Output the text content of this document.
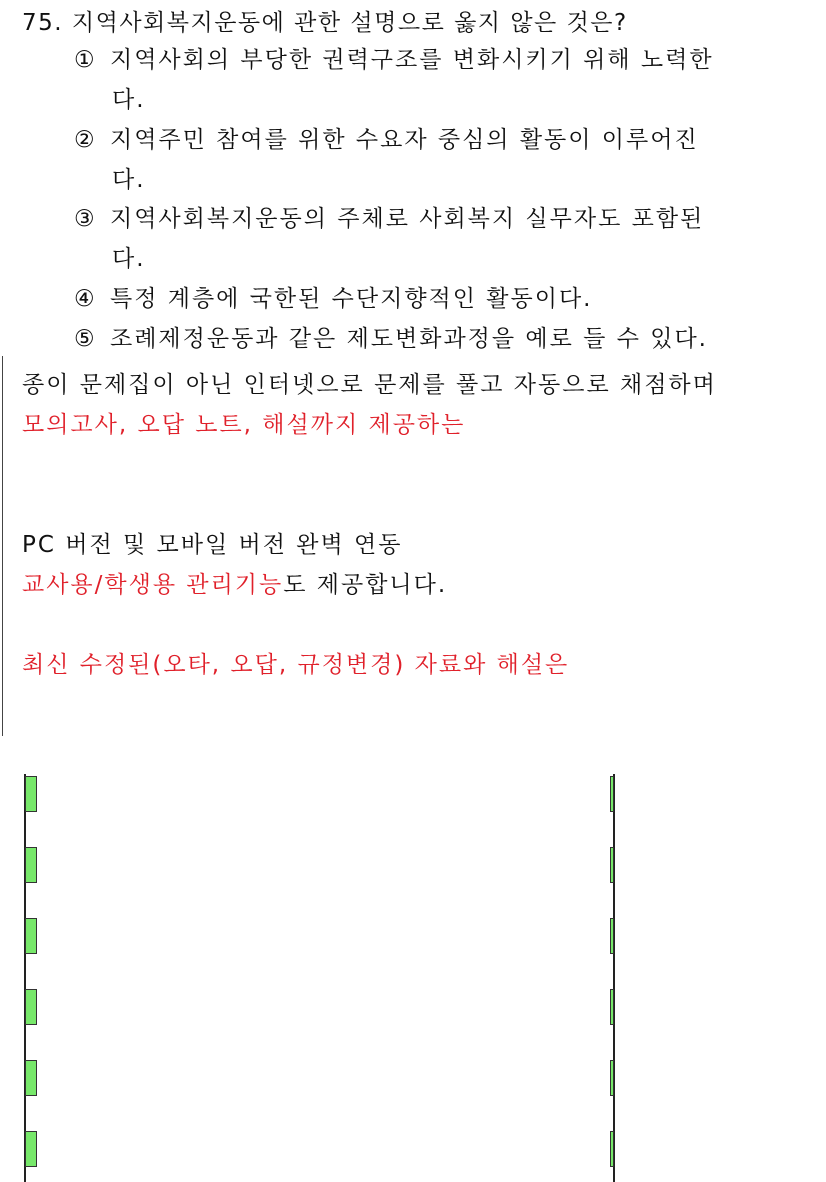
75. 지역사회복지운동에 관한 설명으로 옳지 않은 것은?
① 지역사회의 부당한 권력구조를 변화시키기 위해 노력한
다.
② 지역주민 참여를 위한 수요자 중심의 활동이 이루어진
다.
③ 지역사회복지운동의 주체로 사회복지 실무자도 포함된
다.
④ 특정 계층에 국한된 수단지향적인 활동이다.
⑤ 조례제정운동과 같은 제도변화과정을 예로 들 수 있다.
종이 문제집이 아닌 인터넷으로 문제를 풀고 자동으로 채점하며
모의고사, 오답 노트, 해설까지 제공하는
PC 버전 및 모바일 버전 완벽 연동
교사용/학생용 관리기능도 제공합니다.
최신 수정된(오타, 오답, 규정변경) 자료와 해설은
